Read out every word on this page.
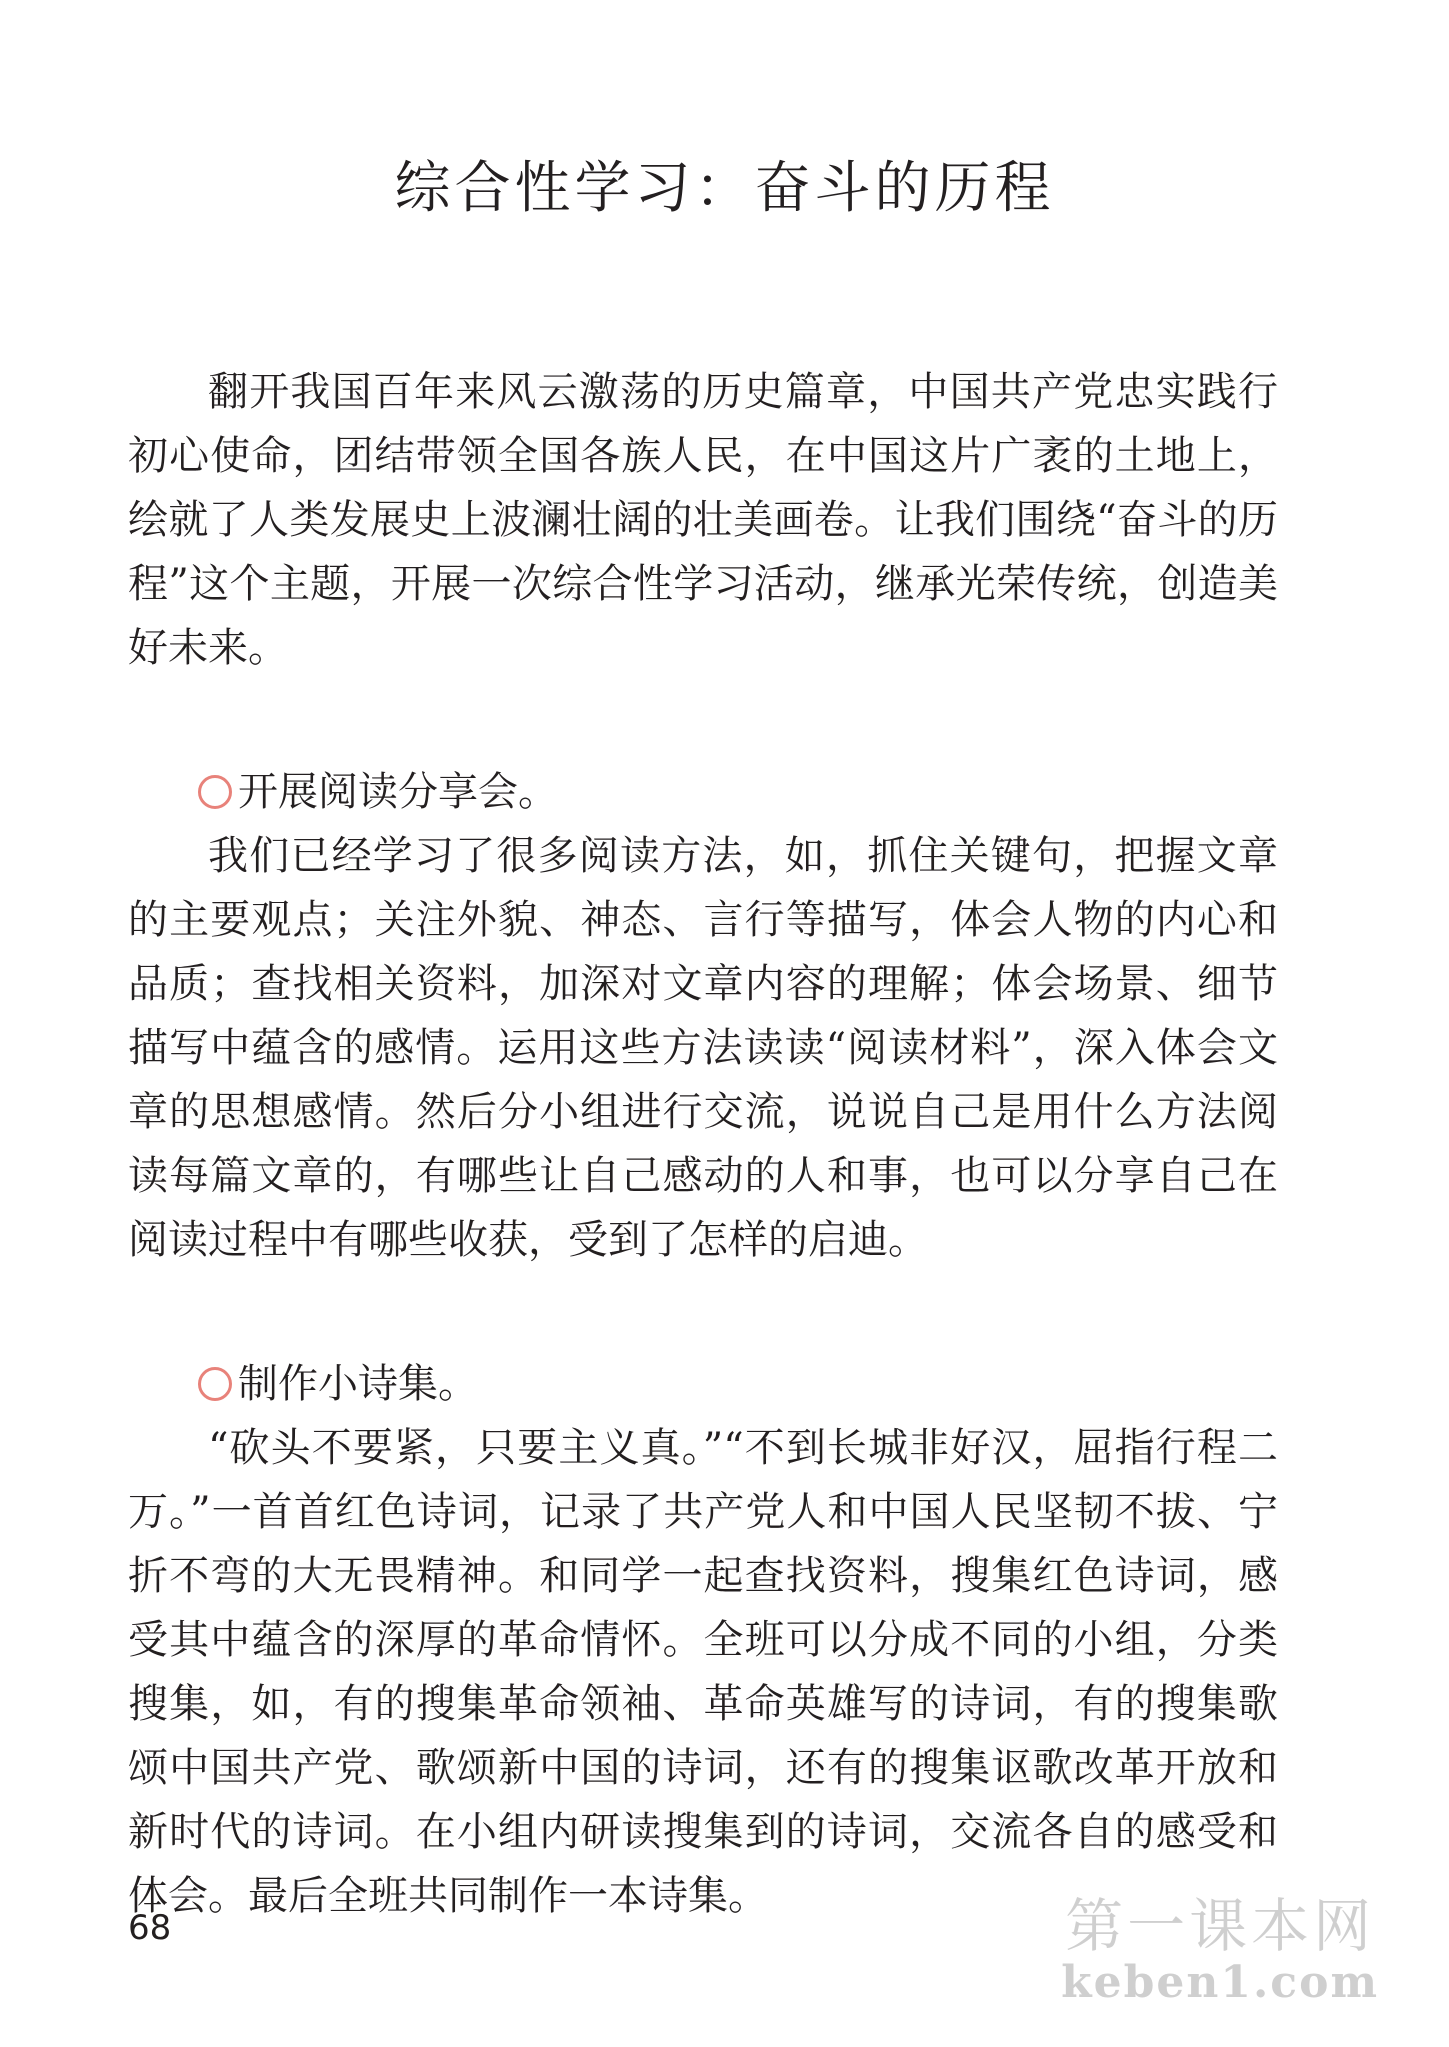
综合性学习：奋斗的历程

翻开我国百年来风云激荡的历史篇章，中国共产党忠实践行初心使命，团结带领全国各族人民，在中国这片广袤的土地上，绘就了人类发展史上波澜壮阔的壮美画卷。让我们围绕“奋斗的历程”这个主题，开展一次综合性学习活动，继承光荣传统，创造美好未来。

开展阅读分享会。

我们已经学习了很多阅读方法，如，抓住关键句，把握文章的主要观点；关注外貌、神态、言行等描写，体会人物的内心和品质；查找相关资料，加深对文章内容的理解；体会场景、细节描写中蕴含的感情。运用这些方法读读“阅读材料”，深入体会文章的思想感情。然后分小组进行交流，说说自己是用什么方法阅读每篇文章的，有哪些让自己感动的人和事，也可以分享自己在阅读过程中有哪些收获，受到了怎样的启迪。

制作小诗集。

“砍头不要紧，只要主义真。”“不到长城非好汉，屈指行程二万。”一首首红色诗词，记录了共产党人和中国人民坚韧不拔、宁折不弯的大无畏精神。和同学一起查找资料，搜集红色诗词，感受其中蕴含的深厚的革命情怀。全班可以分成不同的小组，分类搜集，如，有的搜集革命领袖、革命英雄写的诗词，有的搜集歌颂中国共产党、歌颂新中国的诗词，还有的搜集讴歌改革开放和新时代的诗词。在小组内研读搜集到的诗词，交流各自的感受和体会。最后全班共同制作一本诗集。

68	第一课本网
keben1.com
